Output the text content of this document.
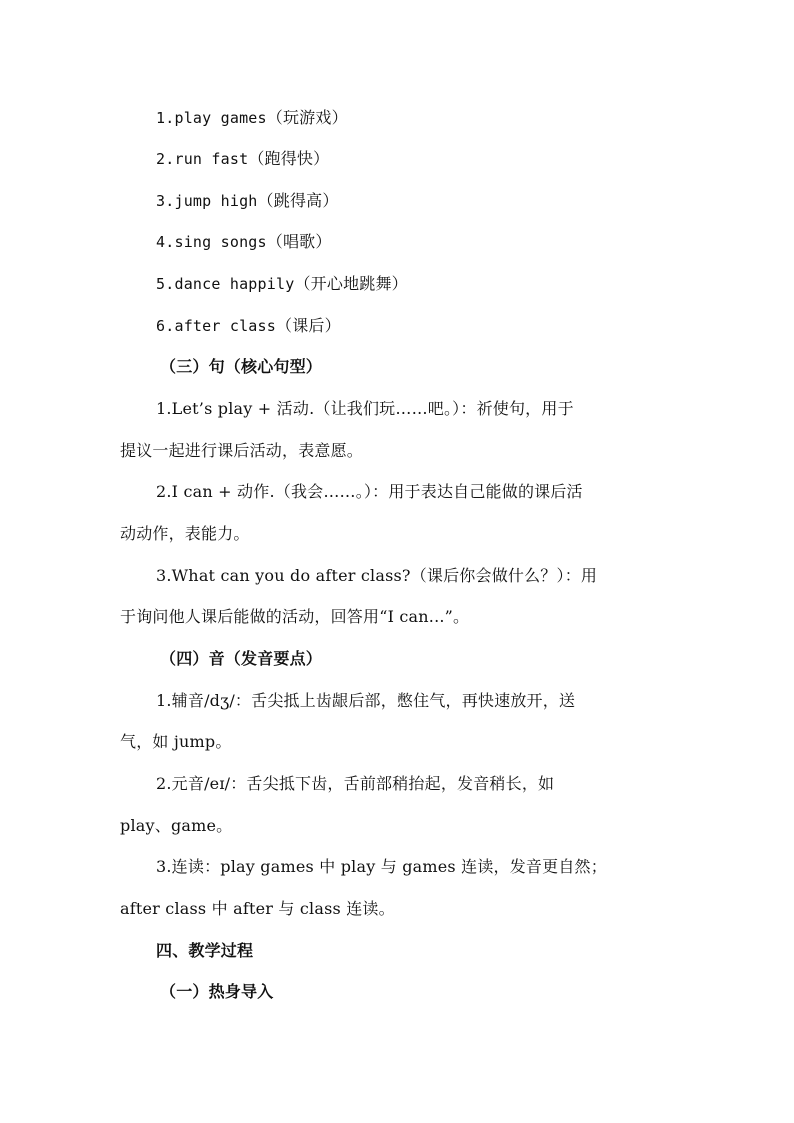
1.play games（玩游戏）
2.run fast（跑得快）
3.jump high（跳得高）
4.sing songs（唱歌）
5.dance happily（开心地跳舞）
6.after class（课后）
（三）句（核心句型）
1.Let’s play + 活动.（让我们玩……吧。）：祈使句，用于
提议一起进行课后活动，表意愿。
2.I can + 动作.（我会……。）：用于表达自己能做的课后活
动动作，表能力。
3.What can you do after class?（课后你会做什么？）：用
于询问他人课后能做的活动，回答用“I can...”。
（四）音（发音要点）
1.辅音/dʒ/：舌尖抵上齿龈后部，憋住气，再快速放开，送
气，如 jump。
2.元音/eɪ/：舌尖抵下齿，舌前部稍抬起，发音稍长，如
play、game。
3.连读：play games 中 play 与 games 连读，发音更自然；
after class 中 after 与 class 连读。
四、教学过程
（一）热身导入
